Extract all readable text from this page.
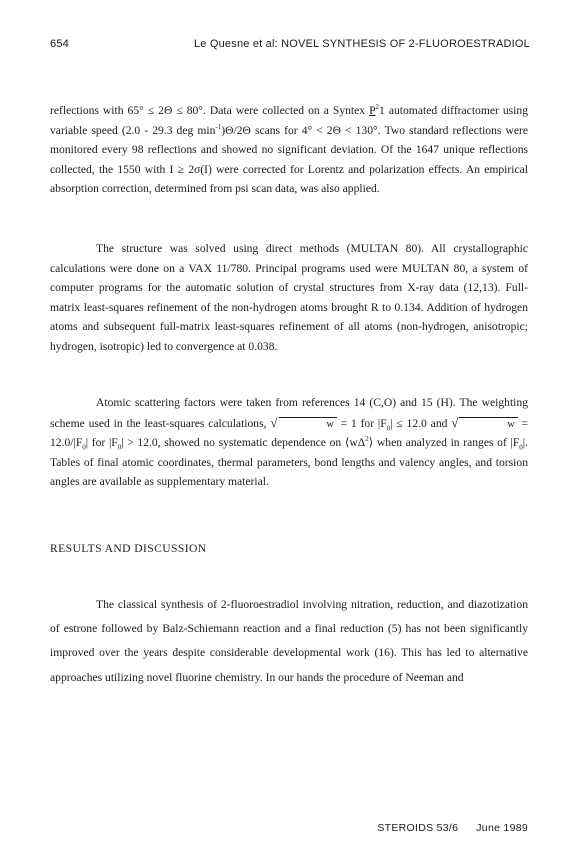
654	Le Quesne et al: NOVEL SYNTHESIS OF 2-FLUOROESTRADIOL

reflections with 65° ≤ 2Θ ≤ 80°. Data were collected on a Syntex $P^21$ automated diffractomer using variable speed (2.0 - 29.3 deg $\min^{-1})\Theta/2\Theta$ scans for 4° < 2Θ < 130°. Two standard reflections were monitored every 98 reflections and showed no significant deviation. Of the 1647 unique reflections collected, the 1550 with I ≥ 2σ(I) were corrected for Lorentz and polarization effects. An empirical absorption correction, determined from psi scan data, was also applied.

The structure was solved using direct methods (MULTAN 80). All crystallographic calculations were done on a VAX 11/780. Principal programs used were MULTAN 80, a system of computer programs for the automatic solution of crystal structures from X-ray data (12,13). Full-matrix least-squares refinement of the non-hydrogen atoms brought R to 0.134. Addition of hydrogen atoms and subsequent full-matrix least-squares refinement of all atoms (non-hydrogen, anisotropic; hydrogen, isotropic) led to convergence at 0.038.

Atomic scattering factors were taken from references 14 (C,O) and 15 (H). The weighting scheme used in the least-squares calculations, √	w = 1 for $|F_0| \le 12.0$ and √	$w = 12.0/|F_0|$ for $|F_0| > 12.0$, showed no systematic dependence on $⟨w\Delta^2⟩$ when analyzed in ranges of $|F_0|$. Tables of final atomic coordinates, thermal parameters, bond lengths and valency angles, and torsion angles are available as supplementary material.

RESULTS AND DISCUSSION

The classical synthesis of 2-fluoroestradiol involving nitration, reduction, and diazotization of estrone followed by Balz-Schiemann reaction and a final reduction (5) has not been significantly improved over the years despite considerable developmental work (16). This has led to alternative approaches utilizing novel fluorine chemistry. In our hands the procedure of Neeman and

STEROIDS 53/6 June 1989
